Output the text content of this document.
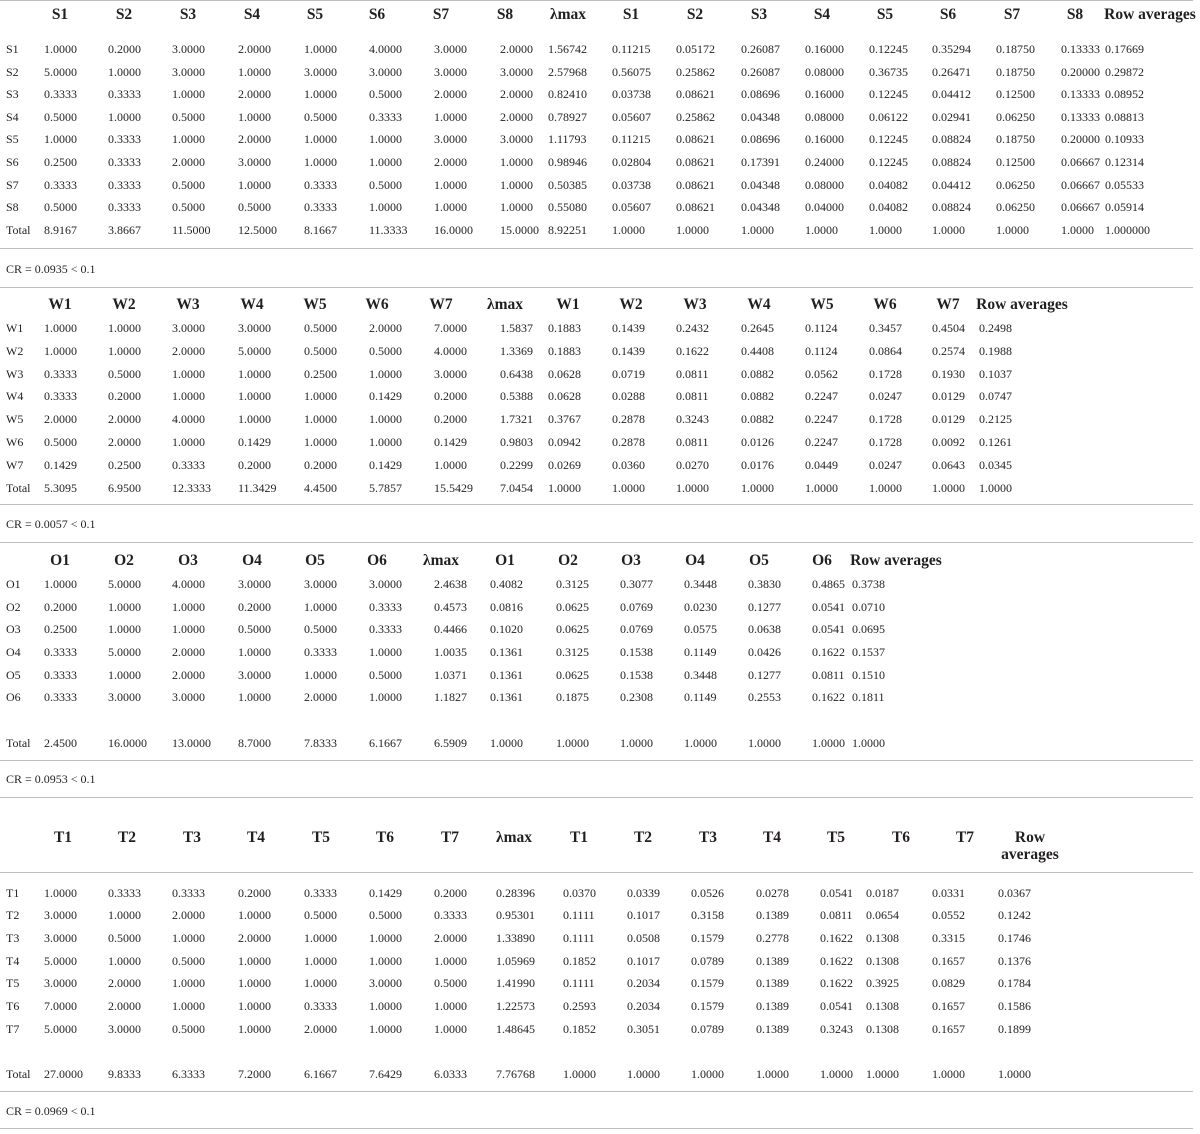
S1	S2	S3	S4	S5	S6	S7	S8	λmax	S1	S2	S3	S4	S5	S6	S7	S8	Row averages
S1 1.0000	0.2000	3.0000	2.0000	1.0000	4.0000	3.0000	2.0000 1.56742 0.11215 0.05172 0.26087 0.16000 0.12245 0.35294 0.18750 0.13333 0.17669
S2 5.0000	1.0000	3.0000	1.0000	3.0000	3.0000	3.0000	3.0000 2.57968 0.56075 0.25862 0.26087 0.08000 0.36735 0.26471 0.18750 0.20000 0.29872
S3 0.3333	0.3333	1.0000	2.0000	1.0000	0.5000	2.0000	2.0000 0.82410 0.03738 0.08621 0.08696 0.16000 0.12245 0.04412 0.12500 0.13333 0.08952
S4 0.5000	1.0000	0.5000	1.0000	0.5000	0.3333	1.0000	2.0000 0.78927 0.05607 0.25862 0.04348 0.08000 0.06122 0.02941 0.06250 0.13333 0.08813
S5 1.0000	0.3333	1.0000	2.0000	1.0000	1.0000	3.0000	3.0000 1.11793 0.11215 0.08621 0.08696 0.16000 0.12245 0.08824 0.18750 0.20000 0.10933
S6 0.2500	0.3333	2.0000	3.0000	1.0000	1.0000	2.0000	1.0000 0.98946 0.02804 0.08621 0.17391 0.24000 0.12245 0.08824 0.12500 0.06667 0.12314
S7 0.3333	0.3333	0.5000	1.0000	0.3333	0.5000	1.0000	1.0000 0.50385 0.03738 0.08621 0.04348 0.08000 0.04082 0.04412 0.06250 0.06667 0.05533
S8 0.5000	0.3333	0.5000	0.5000	0.3333	1.0000	1.0000	1.0000 0.55080 0.05607 0.08621 0.04348 0.04000 0.04082 0.08824 0.06250 0.06667 0.05914
Total 8.9167	3.8667	11.5000 12.5000 8.1667	11.3333 16.0000 15.0000 8.92251 1.0000	1.0000	1.0000	1.0000	1.0000	1.0000	1.0000	1.0000 1.000000
CR = 0.0935 < 0.1
W1	W2	W3	W4	W5	W6	W7	λmax	W1	W2	W3	W4	W5	W6	W7	Row averages
W1 1.0000	1.0000	3.0000	3.0000	0.5000	2.0000	7.0000	1.5837 0.1883	0.1439	0.2432	0.2645	0.1124	0.3457	0.4504 0.2498
W2 1.0000	1.0000	2.0000	5.0000	0.5000	0.5000	4.0000	1.3369 0.1883	0.1439	0.1622	0.4408	0.1124	0.0864	0.2574 0.1988
W3 0.3333	0.5000	1.0000	1.0000	0.2500	1.0000	3.0000	0.6438 0.0628	0.0719	0.0811	0.0882	0.0562	0.1728	0.1930 0.1037
W4 0.3333	0.2000	1.0000	1.0000	1.0000	0.1429	0.2000	0.5388 0.0628	0.0288	0.0811	0.0882	0.2247	0.0247	0.0129 0.0747
W5 2.0000	2.0000	4.0000	1.0000	1.0000	1.0000	0.2000	1.7321 0.3767	0.2878	0.3243	0.0882	0.2247	0.1728	0.0129 0.2125
W6 0.5000	2.0000	1.0000	0.1429	1.0000	1.0000	0.1429	0.9803 0.0942	0.2878	0.0811	0.0126	0.2247	0.1728	0.0092 0.1261
W7 0.1429	0.2500	0.3333	0.2000	0.2000	0.1429	1.0000	0.2299 0.0269	0.0360	0.0270	0.0176	0.0449	0.0247	0.0643 0.0345
Total 5.3095	6.9500	12.3333 11.3429 4.4500	5.7857	15.5429 7.0454 1.0000	1.0000	1.0000	1.0000	1.0000	1.0000	1.0000 1.0000
CR = 0.0057 < 0.1
O1	O2	O3	O4	O5	O6	λmax	O1	O2	O3	O4	O5	O6	Row averages
O1 1.0000	5.0000	4.0000	3.0000	3.0000	3.0000	2.4638 0.4082	0.3125	0.3077	0.3448	0.3830	0.4865 0.3738
O2 0.2000	1.0000	1.0000	0.2000	1.0000	0.3333	0.4573 0.0816	0.0625	0.0769	0.0230	0.1277	0.0541 0.0710
O3 0.2500	1.0000	1.0000	0.5000	0.5000	0.3333	0.4466 0.1020	0.0625	0.0769	0.0575	0.0638	0.0541 0.0695
O4 0.3333	5.0000	2.0000	1.0000	0.3333	1.0000	1.0035 0.1361	0.3125	0.1538	0.1149	0.0426	0.1622 0.1537
O5 0.3333	1.0000	2.0000	3.0000	1.0000	0.5000	1.0371 0.1361	0.0625	0.1538	0.3448	0.1277	0.0811 0.1510
O6 0.3333	3.0000	3.0000	1.0000	2.0000	1.0000	1.1827 0.1361	0.1875	0.2308	0.1149	0.2553	0.1622 0.1811
Total 2.4500	16.0000 13.0000 8.7000	7.8333	6.1667	6.5909 1.0000	1.0000	1.0000	1.0000	1.0000	1.0000 1.0000
CR = 0.0953 < 0.1
T1	T2	T3	T4	T5	T6	T7	λmax	T1	T2	T3	T4	T5	T6	T7	Row averages
T1 1.0000	0.3333	0.3333	0.2000	0.3333	0.1429	0.2000 0.28396 0.0370	0.0339	0.0526	0.0278	0.0541 0.0187	0.0331	0.0367
T2 3.0000	1.0000	2.0000	1.0000	0.5000	0.5000	0.3333 0.95301 0.1111	0.1017	0.3158	0.1389	0.0811 0.0654	0.0552	0.1242
T3 3.0000	0.5000	1.0000	2.0000	1.0000	1.0000	2.0000 1.33890 0.1111	0.0508	0.1579	0.2778	0.1622 0.1308	0.3315	0.1746
T4 5.0000	1.0000	0.5000	1.0000	1.0000	1.0000	1.0000 1.05969 0.1852	0.1017	0.0789	0.1389	0.1622 0.1308	0.1657	0.1376
T5 3.0000	2.0000	1.0000	1.0000	1.0000	3.0000	0.5000 1.41990 0.1111	0.2034	0.1579	0.1389	0.1622 0.3925	0.0829	0.1784
T6 7.0000	2.0000	1.0000	1.0000	0.3333	1.0000	1.0000 1.22573 0.2593	0.2034	0.1579	0.1389	0.0541 0.1308	0.1657	0.1586
T7 5.0000	3.0000	0.5000	1.0000	2.0000	1.0000	1.0000 1.48645 0.1852	0.3051	0.0789	0.1389	0.3243 0.1308	0.1657	0.1899
Total 27.0000 9.8333	6.3333	7.2000	6.1667	7.6429	6.0333 7.76768 1.0000	1.0000	1.0000	1.0000	1.0000 1.0000	1.0000	1.0000
CR = 0.0969 < 0.1
